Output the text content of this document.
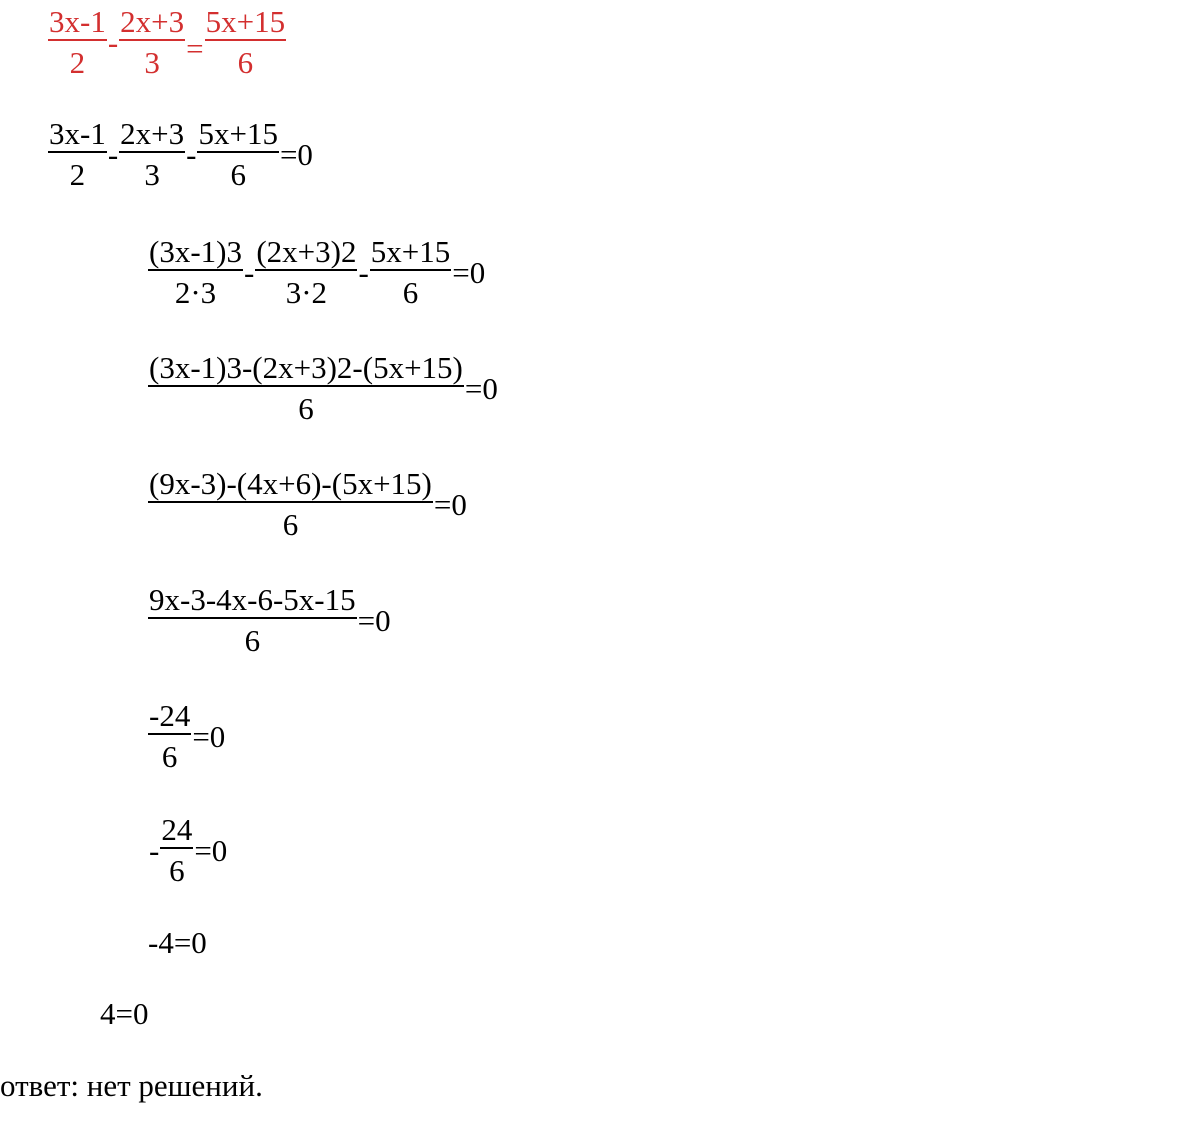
$\frac{3x-1}{2} - \frac{2x+3}{3} = \frac{5x+15}{6}$
$\frac{3x-1}{2} - \frac{2x+3}{3} - \frac{5x+15}{6} =0$
$\frac{(3x-1)3}{2\cdot 3} - \frac{(2x+3)2}{3\cdot 2} - \frac{5x+15}{6} =0$
$\frac{(3x-1)3-(2x+3)2-(5x+15)}{6} =0$
$\frac{(9x-3)-(4x+6)-(5x+15)}{6} =0$
$\frac{9x-3-4x-6-5x-15}{6} =0$
$\frac{-24}{6} =0$
- $\frac{24}{6} =0$
-4=0
4=0
ответ: нет решений.
